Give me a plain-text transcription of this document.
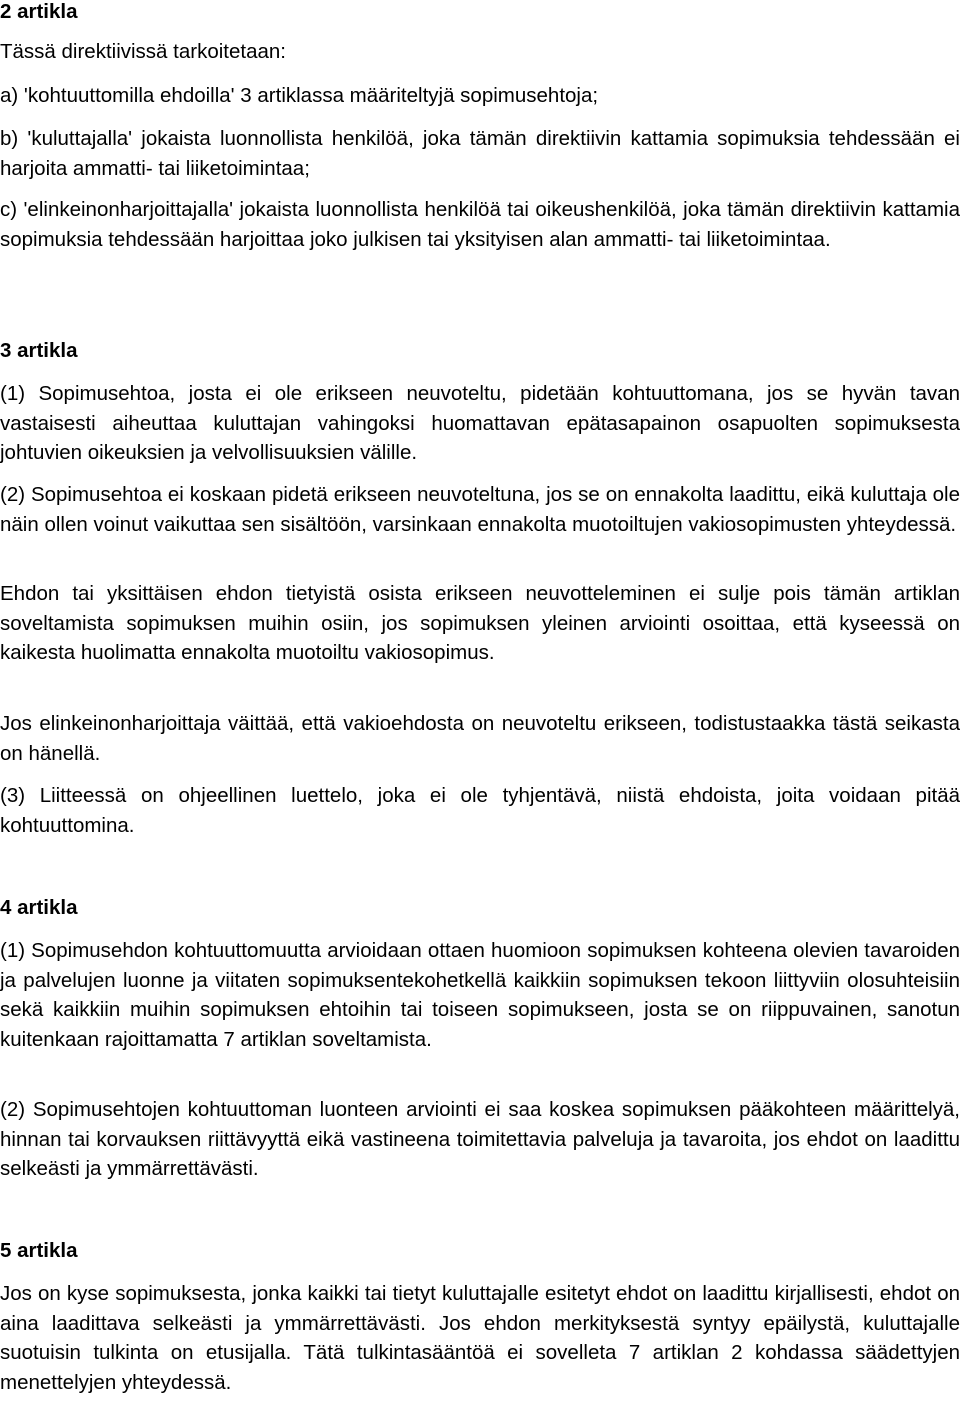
2 artikla

Tässä direktiivissä tarkoitetaan:

a) 'kohtuuttomilla ehdoilla' 3 artiklassa määriteltyjä sopimusehtoja;

b) 'kuluttajalla' jokaista luonnollista henkilöä, joka tämän direktiivin kattamia sopimuksia tehdessään ei harjoita ammatti- tai liiketoimintaa;

c) 'elinkeinonharjoittajalla' jokaista luonnollista henkilöä tai oikeushenkilöä, joka tämän direktiivin kattamia sopimuksia tehdessään harjoittaa joko julkisen tai yksityisen alan ammatti- tai liiketoimintaa.

3 artikla

(1) Sopimusehtoa, josta ei ole erikseen neuvoteltu, pidetään kohtuuttomana, jos se hyvän tavan vastaisesti aiheuttaa kuluttajan vahingoksi huomattavan epätasapainon osapuolten sopimuksesta johtuvien oikeuksien ja velvollisuuksien välille.

(2) Sopimusehtoa ei koskaan pidetä erikseen neuvoteltuna, jos se on ennakolta laadittu, eikä kuluttaja ole näin ollen voinut vaikuttaa sen sisältöön, varsinkaan ennakolta muotoiltujen vakiosopimusten yhteydessä.

Ehdon tai yksittäisen ehdon tietyistä osista erikseen neuvotteleminen ei sulje pois tämän artiklan soveltamista sopimuksen muihin osiin, jos sopimuksen yleinen arviointi osoittaa, että kyseessä on kaikesta huolimatta ennakolta muotoiltu vakiosopimus.

Jos elinkeinonharjoittaja väittää, että vakioehdosta on neuvoteltu erikseen, todistustaakka tästä seikasta on hänellä.

(3) Liitteessä on ohjeellinen luettelo, joka ei ole tyhjentävä, niistä ehdoista, joita voidaan pitää kohtuuttomina.

4 artikla

(1) Sopimusehdon kohtuuttomuutta arvioidaan ottaen huomioon sopimuksen kohteena olevien tavaroiden ja palvelujen luonne ja viitaten sopimuksentekohetkellä kaikkiin sopimuksen tekoon liittyviin olosuhteisiin sekä kaikkiin muihin sopimuksen ehtoihin tai toiseen sopimukseen, josta se on riippuvainen, sanotun kuitenkaan rajoittamatta 7 artiklan soveltamista.

(2) Sopimusehtojen kohtuuttoman luonteen arviointi ei saa koskea sopimuksen pääkohteen määrittelyä, hinnan tai korvauksen riittävyyttä eikä vastineena toimitettavia palveluja ja tavaroita, jos ehdot on laadittu selkeästi ja ymmärrettävästi.

5 artikla

Jos on kyse sopimuksesta, jonka kaikki tai tietyt kuluttajalle esitetyt ehdot on laadittu kirjallisesti, ehdot on aina laadittava selkeästi ja ymmärrettävästi. Jos ehdon merkityksestä syntyy epäilystä, kuluttajalle suotuisin tulkinta on etusijalla. Tätä tulkintasääntöä ei sovelleta 7 artiklan 2 kohdassa säädettyjen menettelyjen yhteydessä.
